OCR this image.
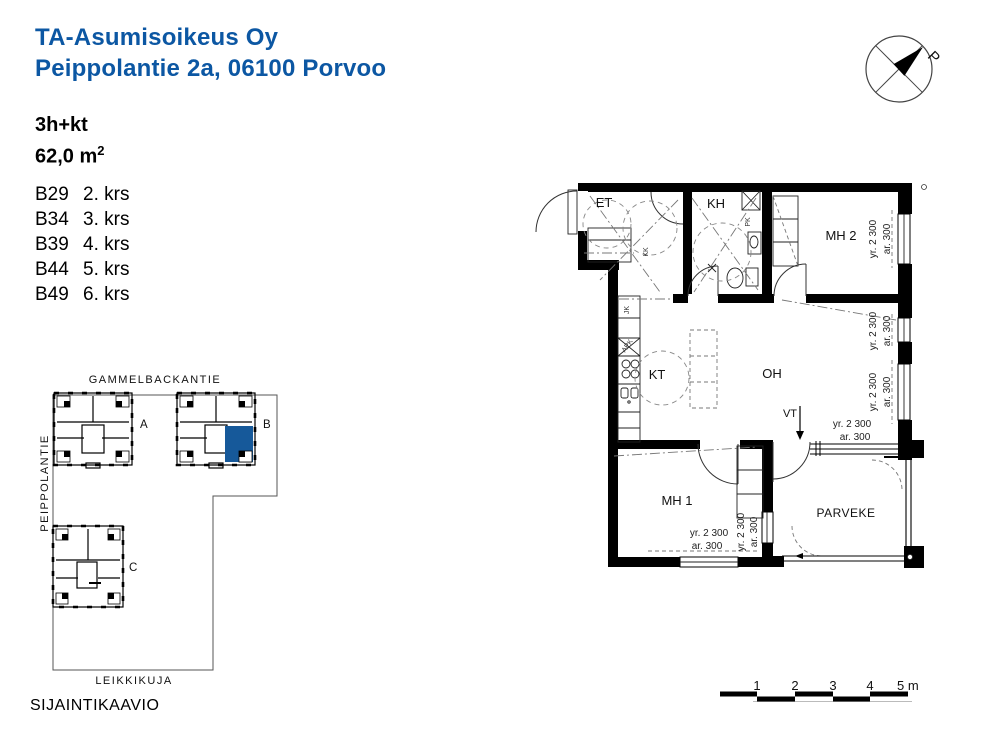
TA-Asumisoikeus Oy
Peippolantie 2a, 06100 Porvoo
3h+kt
62,0 $m^2$
B29 2. krs
B34 3. krs
B39 4. krs
B44 5. krs
B49 6. krs
P
ET	KH
MH 2
KT	OH
MH 1
PARVEKE
VT
KK
JK
APK
PK	yr. 2 300 ar. 300
yr. 2 300 ar. 300
yr. 2 300 ar. 300
yr. 2 300
ar. 300
yr. 2 300
ar. 300 yr. 2 300 ar. 300
GAMMELBACKANTIE
PEIPPOLANTIE
LEIKKIKUJA
A	B
C
SIJAINTIKAAVIO
1 2 3 4 5 m
